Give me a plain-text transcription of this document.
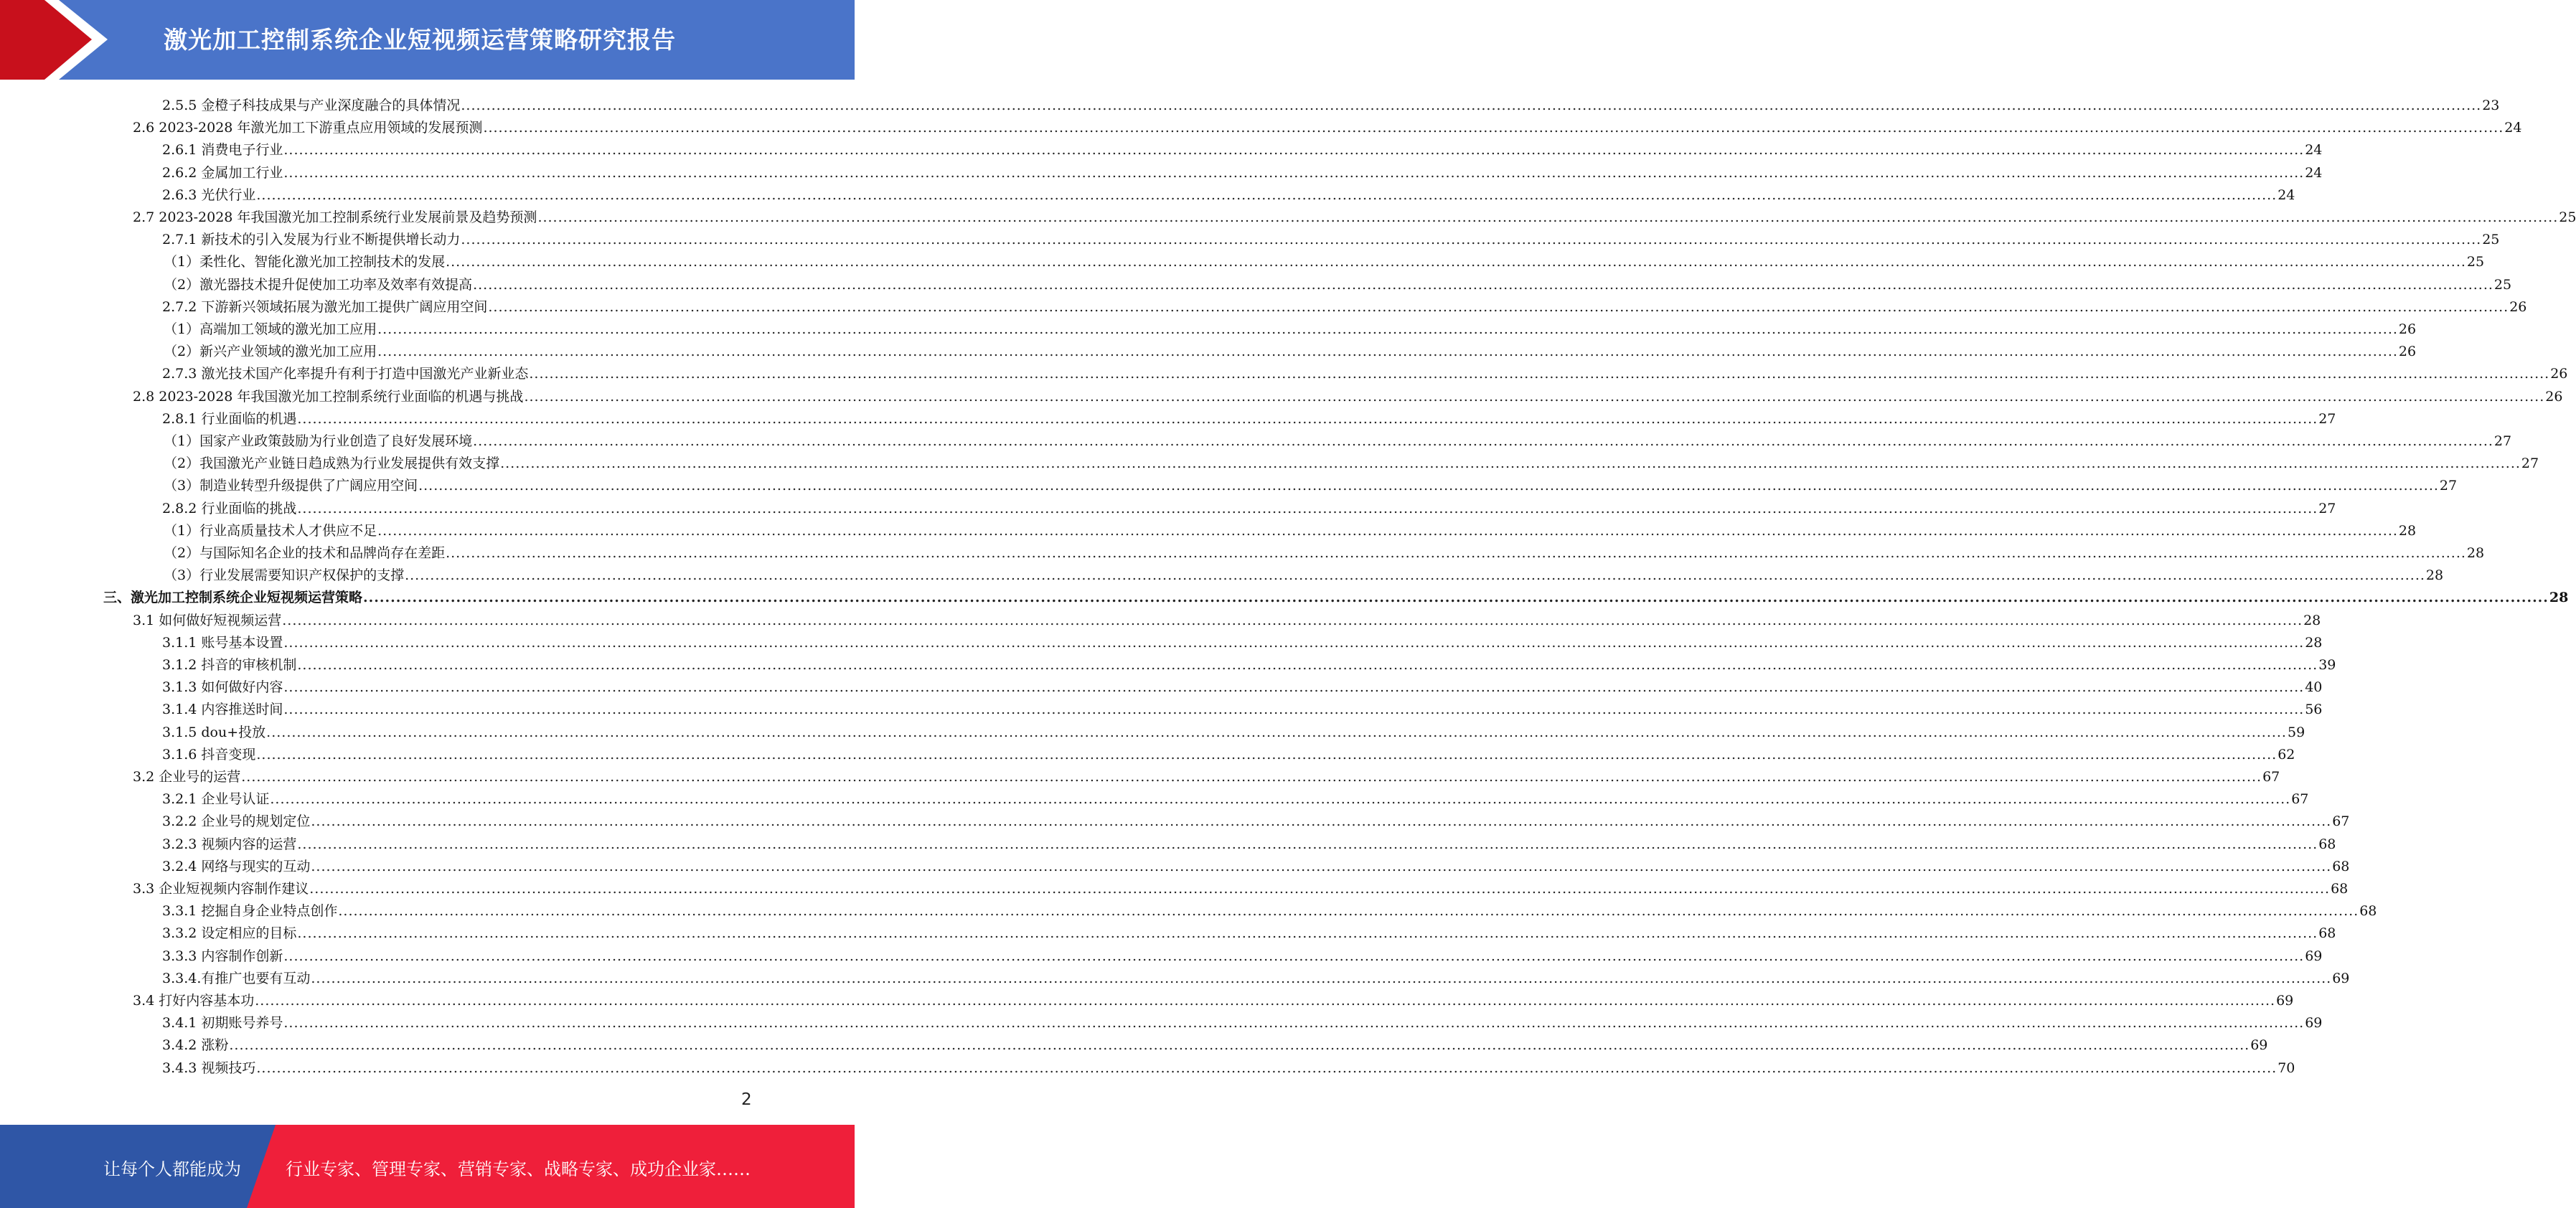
激光加工控制系统企业短视频运营策略研究报告
2.5.5 金橙子科技成果与产业深度融合的具体情况 ................................................................................................................................................................................................................................................................................................................................................................................................................ 23
2.6 2023-2028 年激光加工下游重点应用领域的发展预测 ................................................................................................................................................................................................................................................................................................................................................................................................................ 24
2.6.1 消费电子行业 ................................................................................................................................................................................................................................................................................................................................................................................................................ 24
2.6.2 金属加工行业 ................................................................................................................................................................................................................................................................................................................................................................................................................ 24
2.6.3 光伏行业 ................................................................................................................................................................................................................................................................................................................................................................................................................ 24
2.7 2023-2028 年我国激光加工控制系统行业发展前景及趋势预测 ................................................................................................................................................................................................................................................................................................................................................................................................................ 25
2.7.1 新技术的引入发展为行业不断提供增长动力 ................................................................................................................................................................................................................................................................................................................................................................................................................ 25
（1）柔性化、智能化激光加工控制技术的发展 ................................................................................................................................................................................................................................................................................................................................................................................................................ 25
（2）激光器技术提升促使加工功率及效率有效提高 ................................................................................................................................................................................................................................................................................................................................................................................................................ 25
2.7.2 下游新兴领域拓展为激光加工提供广阔应用空间 ................................................................................................................................................................................................................................................................................................................................................................................................................ 26
（1）高端加工领域的激光加工应用 ................................................................................................................................................................................................................................................................................................................................................................................................................ 26
（2）新兴产业领域的激光加工应用 ................................................................................................................................................................................................................................................................................................................................................................................................................ 26
2.7.3 激光技术国产化率提升有利于打造中国激光产业新业态 ................................................................................................................................................................................................................................................................................................................................................................................................................ 26
2.8 2023-2028 年我国激光加工控制系统行业面临的机遇与挑战 ................................................................................................................................................................................................................................................................................................................................................................................................................ 26
2.8.1 行业面临的机遇 ................................................................................................................................................................................................................................................................................................................................................................................................................ 27
（1）国家产业政策鼓励为行业创造了良好发展环境 ................................................................................................................................................................................................................................................................................................................................................................................................................ 27
（2）我国激光产业链日趋成熟为行业发展提供有效支撑 ................................................................................................................................................................................................................................................................................................................................................................................................................ 27
（3）制造业转型升级提供了广阔应用空间 ................................................................................................................................................................................................................................................................................................................................................................................................................ 27
2.8.2 行业面临的挑战 ................................................................................................................................................................................................................................................................................................................................................................................................................ 27
（1）行业高质量技术人才供应不足 ................................................................................................................................................................................................................................................................................................................................................................................................................ 28
（2）与国际知名企业的技术和品牌尚存在差距 ................................................................................................................................................................................................................................................................................................................................................................................................................ 28
（3）行业发展需要知识产权保护的支撑 ................................................................................................................................................................................................................................................................................................................................................................................................................ 28
三、激光加工控制系统企业短视频运营策略 ................................................................................................................................................................................................................................................................................................................................................................................................................ 28
3.1 如何做好短视频运营 ................................................................................................................................................................................................................................................................................................................................................................................................................ 28
3.1.1 账号基本设置 ................................................................................................................................................................................................................................................................................................................................................................................................................ 28
3.1.2 抖音的审核机制 ................................................................................................................................................................................................................................................................................................................................................................................................................ 39
3.1.3 如何做好内容 ................................................................................................................................................................................................................................................................................................................................................................................................................ 40
3.1.4 内容推送时间 ................................................................................................................................................................................................................................................................................................................................................................................................................ 56
3.1.5 dou+投放 ................................................................................................................................................................................................................................................................................................................................................................................................................ 59
3.1.6 抖音变现 ................................................................................................................................................................................................................................................................................................................................................................................................................ 62
3.2 企业号的运营 ................................................................................................................................................................................................................................................................................................................................................................................................................ 67
3.2.1 企业号认证 ................................................................................................................................................................................................................................................................................................................................................................................................................ 67
3.2.2 企业号的规划定位 ................................................................................................................................................................................................................................................................................................................................................................................................................ 67
3.2.3 视频内容的运营 ................................................................................................................................................................................................................................................................................................................................................................................................................ 68
3.2.4 网络与现实的互动 ................................................................................................................................................................................................................................................................................................................................................................................................................ 68
3.3 企业短视频内容制作建议 ................................................................................................................................................................................................................................................................................................................................................................................................................ 68
3.3.1 挖掘自身企业特点创作 ................................................................................................................................................................................................................................................................................................................................................................................................................ 68
3.3.2 设定相应的目标 ................................................................................................................................................................................................................................................................................................................................................................................................................ 68
3.3.3 内容制作创新 ................................................................................................................................................................................................................................................................................................................................................................................................................ 69
3.3.4.有推广也要有互动 ................................................................................................................................................................................................................................................................................................................................................................................................................ 69
3.4 打好内容基本功 ................................................................................................................................................................................................................................................................................................................................................................................................................ 69
3.4.1 初期账号养号 ................................................................................................................................................................................................................................................................................................................................................................................................................ 69
3.4.2 涨粉 ................................................................................................................................................................................................................................................................................................................................................................................................................ 69
3.4.3 视频技巧 ................................................................................................................................................................................................................................................................................................................................................................................................................ 70
2
让每个人都能成为	行业专家、管理专家、营销专家、战略专家、成功企业家……
